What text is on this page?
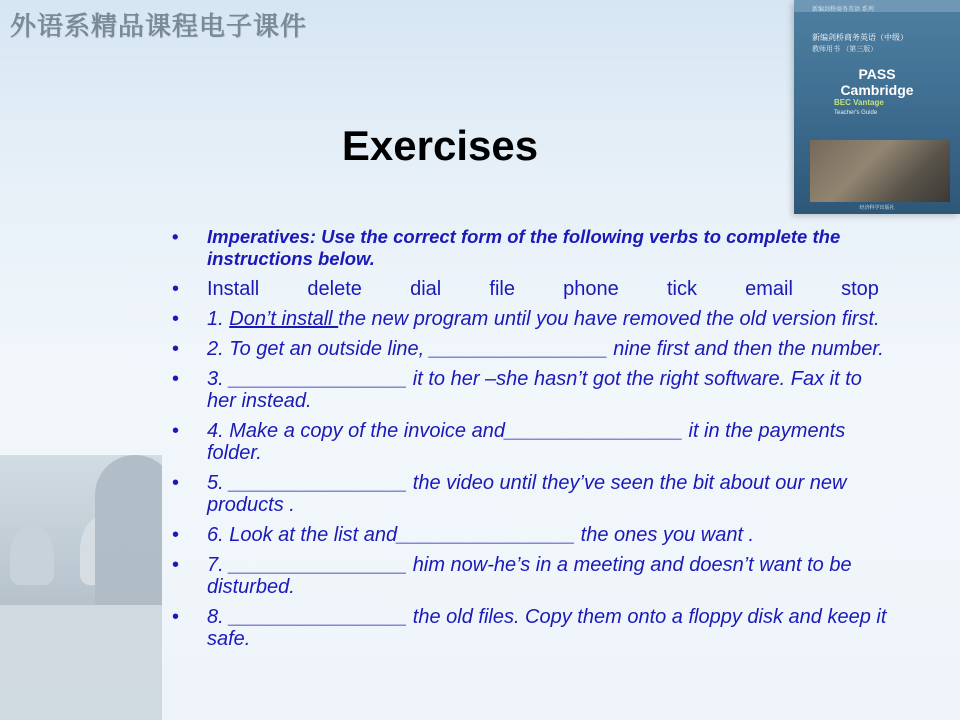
外语系精品课程电子课件
新编剑桥商务英语 系列
新编剑桥商务英语（中级）
教师用书 （第三版）
PASS
Cambridge
BEC Vantage
Teacher's Guide
经济科学出版社
Exercises
• Imperatives: Use the correct form of the following verbs to complete the instructions below.
• Install delete dial file phone tick email stop
• 1. Don’t install the new program until you have removed the old version first.
• 2. To get an outside line, ________________ nine first and then the number.
• 3. ________________ it to her –she hasn’t got the right software. Fax it to her instead.
• 4. Make a copy of the invoice and________________ it in the payments folder.
• 5. ________________ the video until they’ve seen the bit about our new products .
• 6. Look at the list and________________ the ones you want .
• 7. ________________ him now-he’s in a meeting and doesn’t want to be disturbed.
• 8. ________________ the old files. Copy them onto a floppy disk and keep it safe.
